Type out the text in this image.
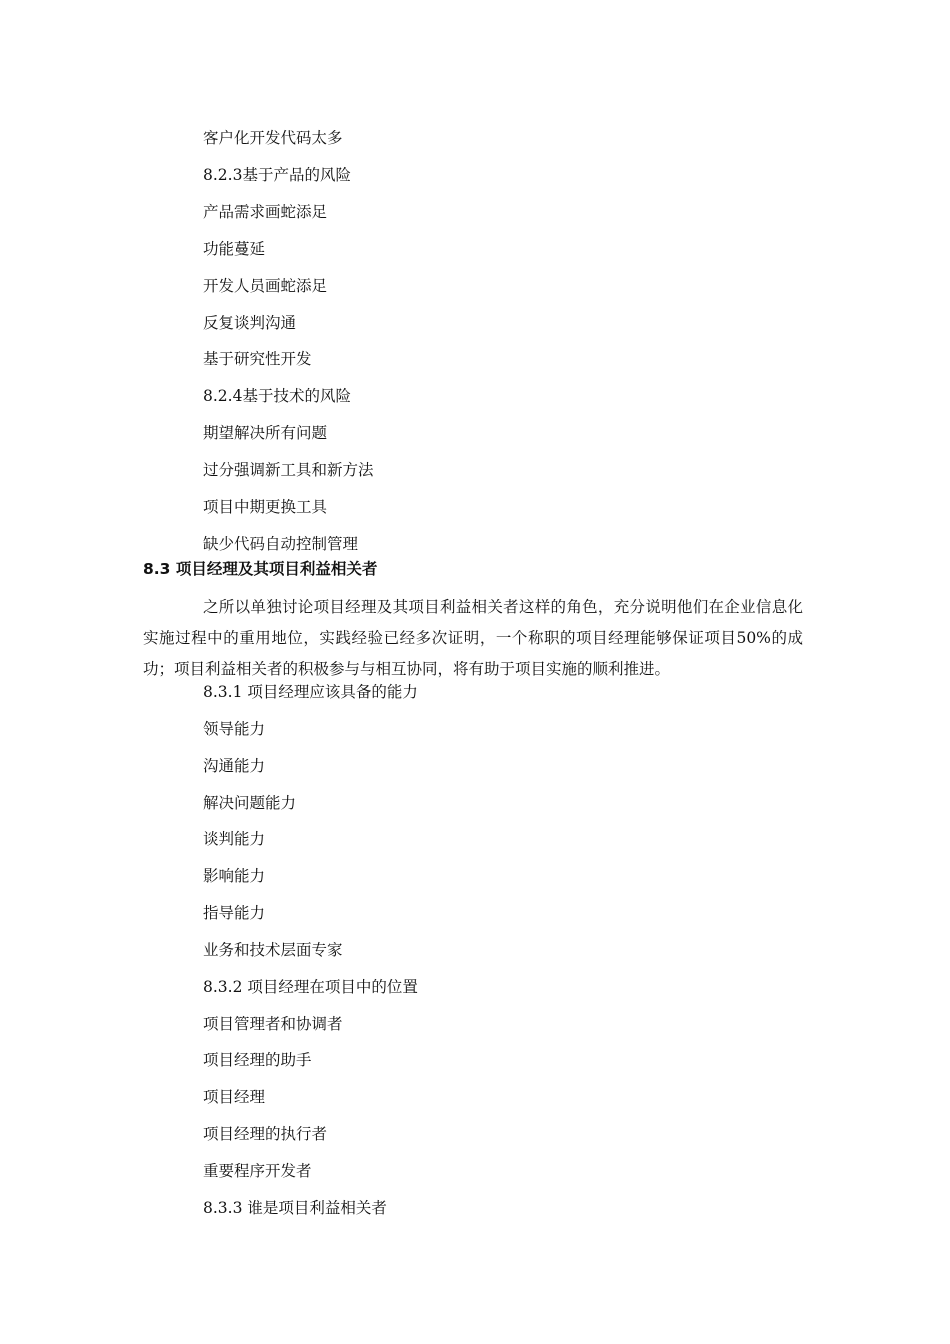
客户化开发代码太多
8.2.3基于产品的风险
产品需求画蛇添足
功能蔓延
开发人员画蛇添足
反复谈判沟通
基于研究性开发
8.2.4基于技术的风险
期望解决所有问题
过分强调新工具和新方法
项目中期更换工具
缺少代码自动控制管理
8.3 项目经理及其项目利益相关者

之所以单独讨论项目经理及其项目利益相关者这样的角色，充分说明他们在企业信息化实施过程中的重用地位，实践经验已经多次证明，一个称职的项目经理能够保证项目50%的成功；项目利益相关者的积极参与与相互协同，将有助于项目实施的顺利推进。

8.3.1 项目经理应该具备的能力
领导能力
沟通能力
解决问题能力
谈判能力
影响能力
指导能力
业务和技术层面专家
8.3.2 项目经理在项目中的位置
项目管理者和协调者
项目经理的助手
项目经理
项目经理的执行者
重要程序开发者
8.3.3 谁是项目利益相关者
